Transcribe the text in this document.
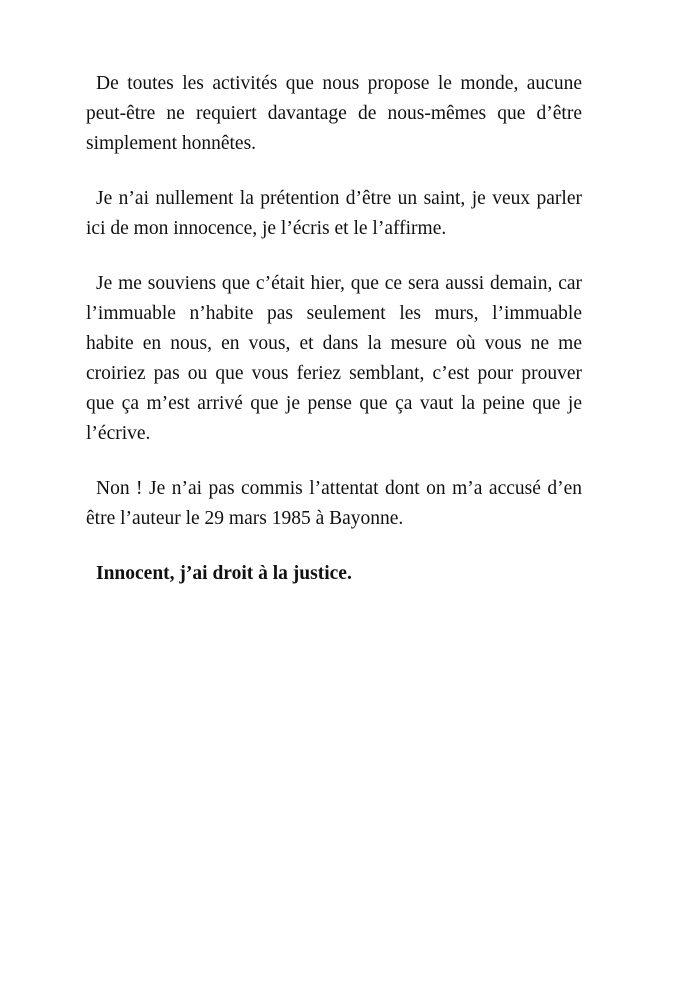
De toutes les activités que nous propose le monde, aucune peut-être ne requiert davantage de nous-mêmes que d’être simplement honnêtes.

Je n’ai nullement la prétention d’être un saint, je veux parler ici de mon innocence, je l’écris et le l’affirme.

Je me souviens que c’était hier, que ce sera aussi demain, car l’immuable n’habite pas seulement les murs, l’immuable habite en nous, en vous, et dans la mesure où vous ne me croiriez pas ou que vous feriez semblant, c’est pour prouver que ça m’est arrivé que je pense que ça vaut la peine que je l’écrive.

Non ! Je n’ai pas commis l’attentat dont on m’a accusé d’en être l’auteur le 29 mars 1985 à Bayonne.

Innocent, j’ai droit à la justice.
